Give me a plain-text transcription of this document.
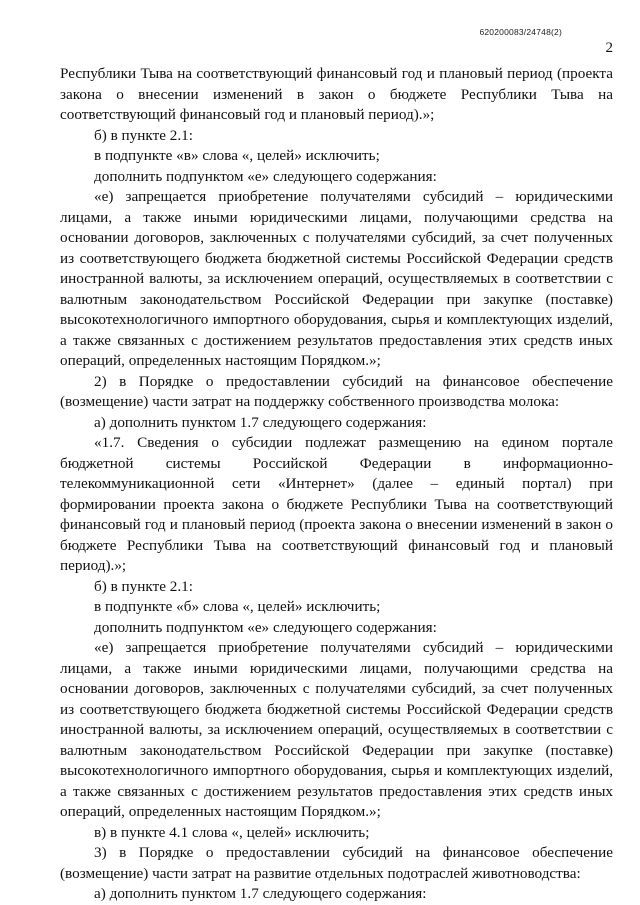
620200083/24748(2)
2

Республики Тыва на соответствующий финансовый год и плановый период (проекта закона о внесении изменений в закон о бюджете Республики Тыва на соответствующий финансовый год и плановый период).»;

б) в пункте 2.1:

в подпункте «в» слова «, целей» исключить;

дополнить подпунктом «е» следующего содержания:

«е) запрещается приобретение получателями субсидий – юридическими лицами, а также иными юридическими лицами, получающими средства на основании договоров, заключенных с получателями субсидий, за счет полученных из соответствующего бюджета бюджетной системы Российской Федерации средств иностранной валюты, за исключением операций, осуществляемых в соответствии с валютным законодательством Российской Федерации при закупке (поставке) высокотехнологичного импортного оборудования, сырья и комплектующих изделий, а также связанных с достижением результатов предоставления этих средств иных операций, определенных настоящим Порядком.»;

2) в Порядке о предоставлении субсидий на финансовое обеспечение (возмещение) части затрат на поддержку собственного производства молока:

а) дополнить пунктом 1.7 следующего содержания:

«1.7. Сведения о субсидии подлежат размещению на едином портале бюджетной системы Российской Федерации в информационно-телекоммуникационной сети «Интернет» (далее – единый портал) при формировании проекта закона о бюджете Республики Тыва на соответствующий финансовый год и плановый период (проекта закона о внесении изменений в закон о бюджете Республики Тыва на соответствующий финансовый год и плановый период).»;

б) в пункте 2.1:

в подпункте «б» слова «, целей» исключить;

дополнить подпунктом «е» следующего содержания:

«е) запрещается приобретение получателями субсидий – юридическими лицами, а также иными юридическими лицами, получающими средства на основании договоров, заключенных с получателями субсидий, за счет полученных из соответствующего бюджета бюджетной системы Российской Федерации средств иностранной валюты, за исключением операций, осуществляемых в соответствии с валютным законодательством Российской Федерации при закупке (поставке) высокотехнологичного импортного оборудования, сырья и комплектующих изделий, а также связанных с достижением результатов предоставления этих средств иных операций, определенных настоящим Порядком.»;

в) в пункте 4.1 слова «, целей» исключить;

3) в Порядке о предоставлении субсидий на финансовое обеспечение (возмещение) части затрат на развитие отдельных подотраслей животноводства:

а) дополнить пунктом 1.7 следующего содержания:
